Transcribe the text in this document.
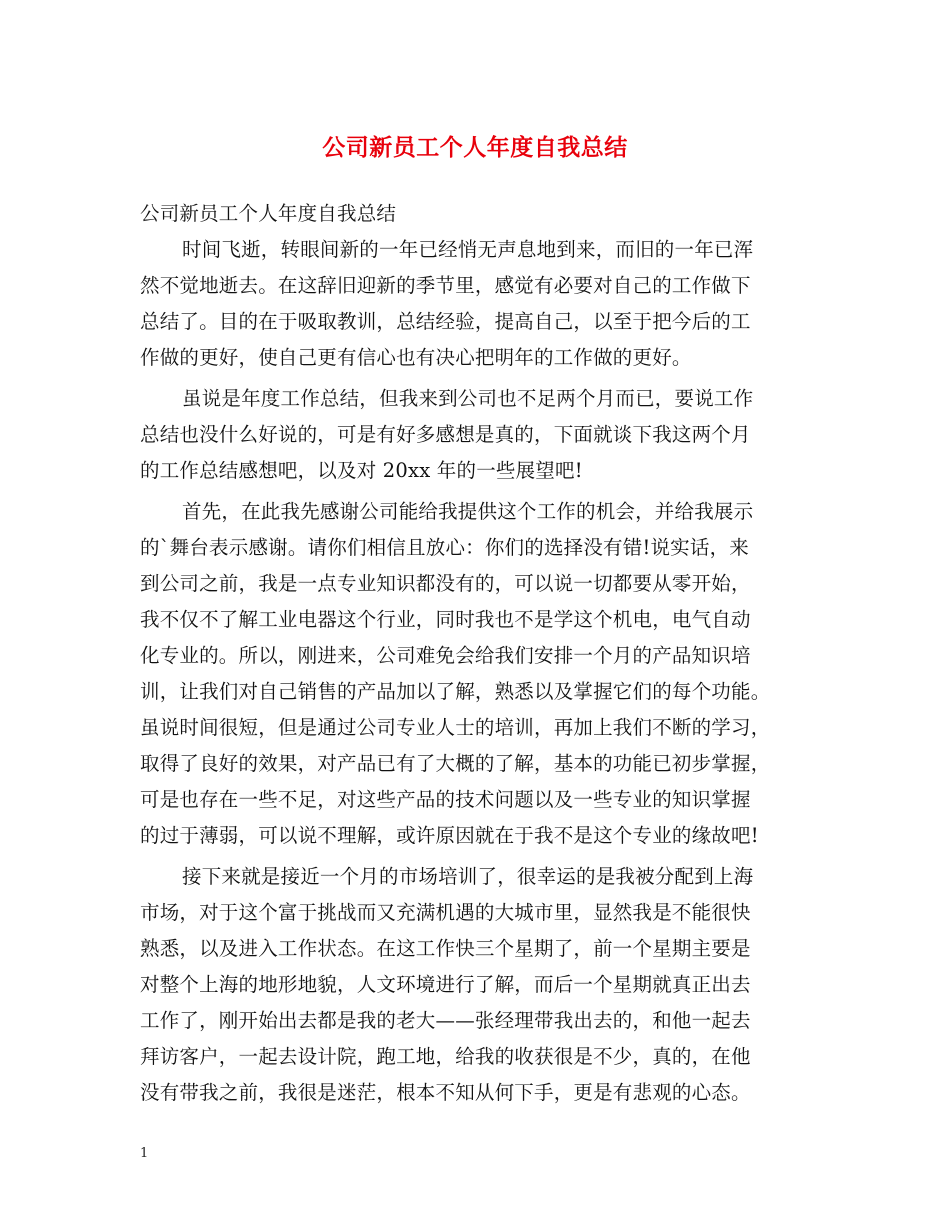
公司新员工个人年度自我总结
公司新员工个人年度自我总结
时间飞逝，转眼间新的一年已经悄无声息地到来，而旧的一年已浑
然不觉地逝去。在这辞旧迎新的季节里，感觉有必要对自己的工作做下
总结了。目的在于吸取教训，总结经验，提高自己，以至于把今后的工
作做的更好，使自己更有信心也有决心把明年的工作做的更好。
虽说是年度工作总结，但我来到公司也不足两个月而已，要说工作
总结也没什么好说的，可是有好多感想是真的，下面就谈下我这两个月
的工作总结感想吧，以及对 20xx 年的一些展望吧!
首先，在此我先感谢公司能给我提供这个工作的机会，并给我展示
的`舞台表示感谢。请你们相信且放心：你们的选择没有错!说实话，来
到公司之前，我是一点专业知识都没有的，可以说一切都要从零开始，
我不仅不了解工业电器这个行业，同时我也不是学这个机电，电气自动
化专业的。所以，刚进来，公司难免会给我们安排一个月的产品知识培
训，让我们对自己销售的产品加以了解，熟悉以及掌握它们的每个功能。
虽说时间很短，但是通过公司专业人士的培训，再加上我们不断的学习，
取得了良好的效果，对产品已有了大概的了解，基本的功能已初步掌握，
可是也存在一些不足，对这些产品的技术问题以及一些专业的知识掌握
的过于薄弱，可以说不理解，或许原因就在于我不是这个专业的缘故吧!
接下来就是接近一个月的市场培训了，很幸运的是我被分配到上海
市场，对于这个富于挑战而又充满机遇的大城市里，显然我是不能很快
熟悉，以及进入工作状态。在这工作快三个星期了，前一个星期主要是
对整个上海的地形地貌，人文环境进行了解，而后一个星期就真正出去
工作了，刚开始出去都是我的老大——张经理带我出去的，和他一起去
拜访客户，一起去设计院，跑工地，给我的收获很是不少，真的，在他
没有带我之前，我很是迷茫，根本不知从何下手，更是有悲观的心态。
1
